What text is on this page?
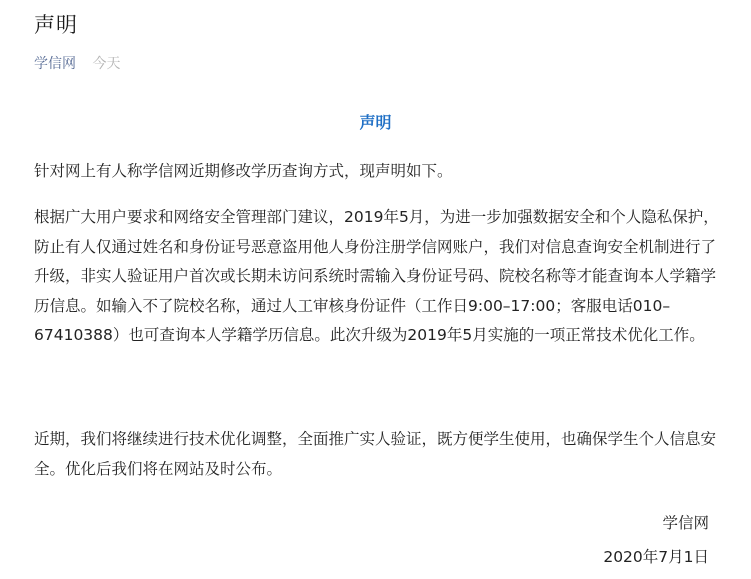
声明
学信网 今天
声明
针对网上有人称学信网近期修改学历查询方式，现声明如下。
根据广大用户要求和网络安全管理部门建议，2019年5月，为进一步加强数据安全和个人隐私保护，防止有人仅通过姓名和身份证号恶意盗用他人身份注册学信网账户，我们对信息查询安全机制进行了升级，非实人验证用户首次或长期未访问系统时需输入身份证号码、院校名称等才能查询本人学籍学历信息。如输入不了院校名称，通过人工审核身份证件（工作日9:00–17:00；客服电话010–67410388）也可查询本人学籍学历信息。此次升级为2019年5月实施的一项正常技术优化工作。
近期，我们将继续进行技术优化调整，全面推广实人验证，既方便学生使用，也确保学生个人信息安全。优化后我们将在网站及时公布。
学信网
2020年7月1日
